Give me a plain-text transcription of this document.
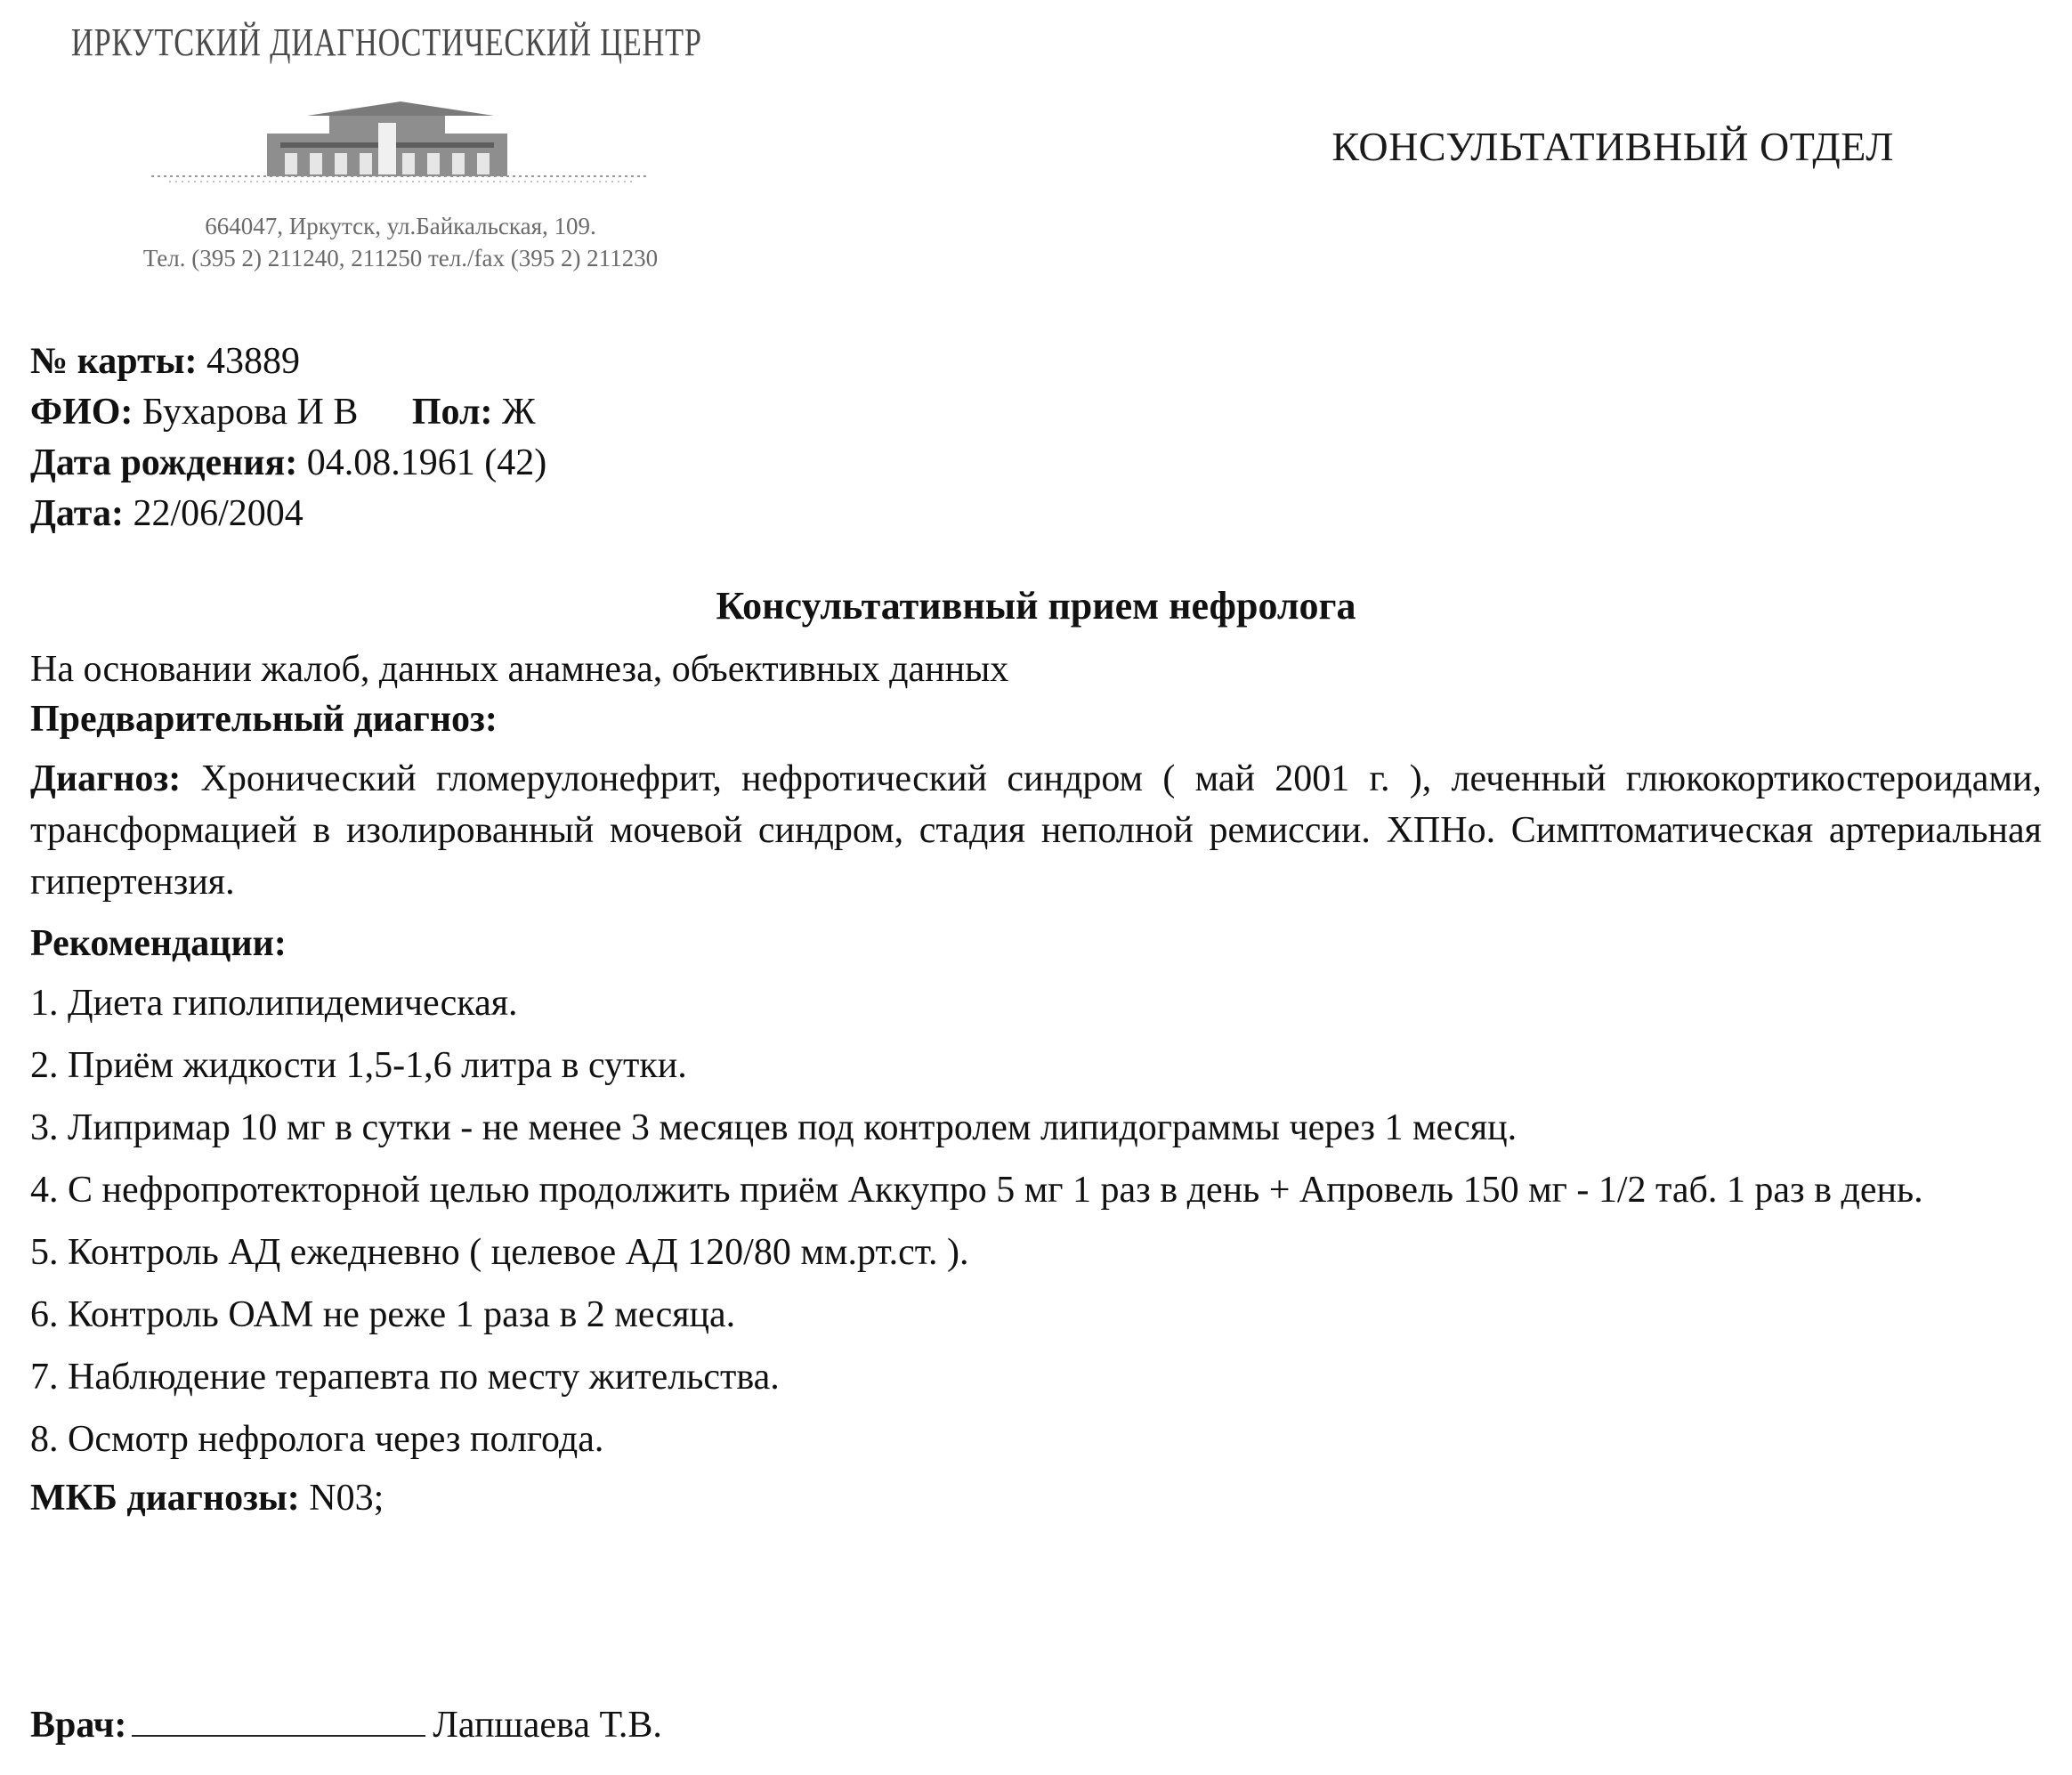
ИРКУТСКИЙ ДИАГНОСТИЧЕСКИЙ ЦЕНТР
664047, Иркутск, ул.Байкальская, 109.
Тел. (395 2) 211240, 211250 тел./fax (395 2) 211230
КОНСУЛЬТАТИВНЫЙ ОТДЕЛ
№ карты: 43889
ФИО: Бухарова И В Пол: Ж
Дата рождения: 04.08.1961 (42)
Дата: 22/06/2004
Консультативный прием нефролога
На основании жалоб, данных анамнеза, объективных данных
Предварительный диагноз:
Диагноз: Хронический гломерулонефрит, нефротический синдром ( май 2001 г. ), леченный глюкокортикостероидами, трансформацией в изолированный мочевой синдром, стадия неполной ремиссии. ХПНо. Симптоматическая артериальная гипертензия.
Рекомендации:
1. Диета гиполипидемическая.
2. Приём жидкости 1,5-1,6 литра в сутки.
3. Липримар 10 мг в сутки - не менее 3 месяцев под контролем липидограммы через 1 месяц.
4. С нефропротекторной целью продолжить приём Аккупро 5 мг 1 раз в день + Апровель 150 мг - 1/2 таб. 1 раз в день.
5. Контроль АД ежедневно ( целевое АД 120/80 мм.рт.ст. ).
6. Контроль ОАМ не реже 1 раза в 2 месяца.
7. Наблюдение терапевта по месту жительства.
8. Осмотр нефролога через полгода.
МКБ диагнозы: N03;
Врач:	Лапшаева Т.В.
